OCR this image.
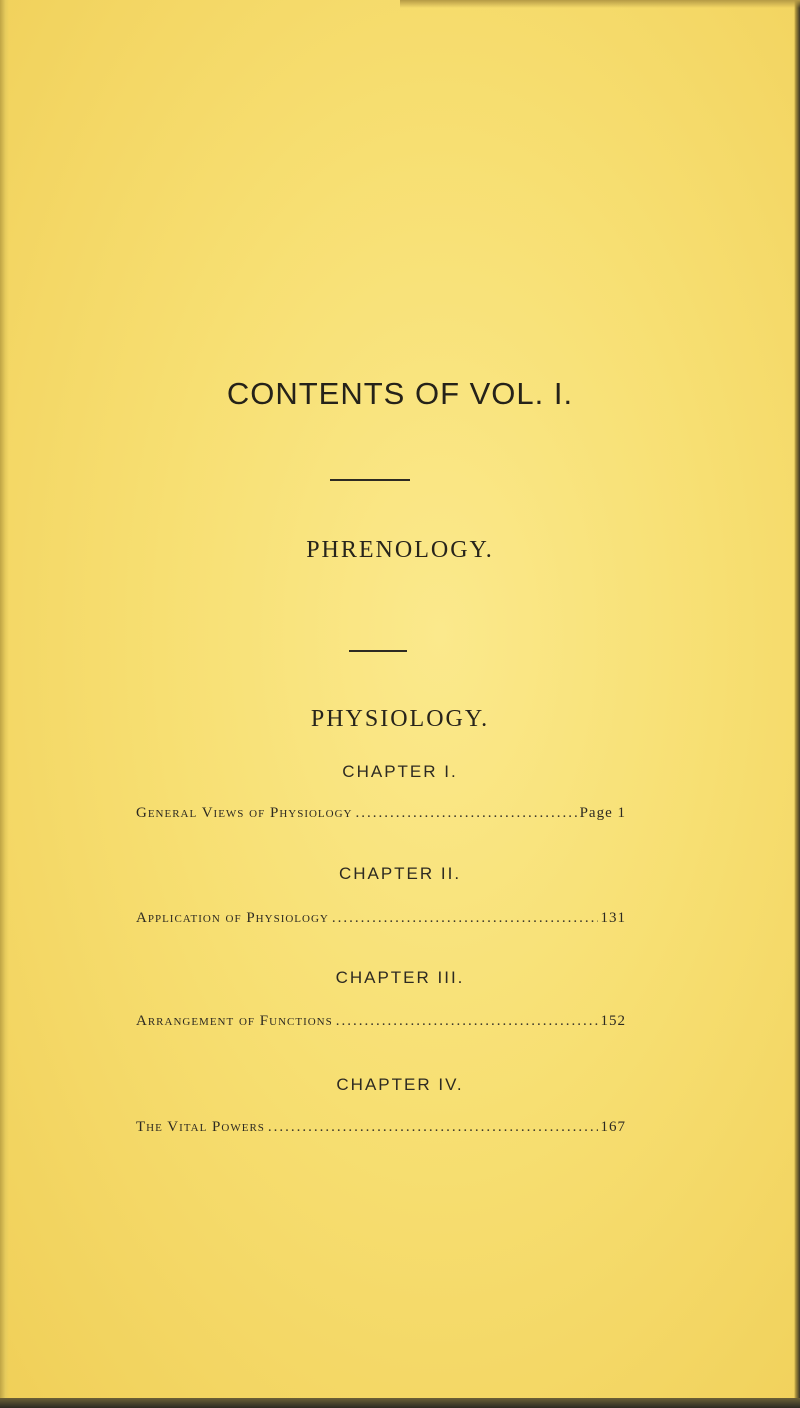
CONTENTS OF VOL. I.
PHRENOLOGY.
PHYSIOLOGY.
CHAPTER I.
General Views of Physiology .....	Page 1
CHAPTER II.
Application of Physiology .....	131
CHAPTER III.
Arrangement of Functions .....	152
CHAPTER IV.
The Vital Powers .....	167
